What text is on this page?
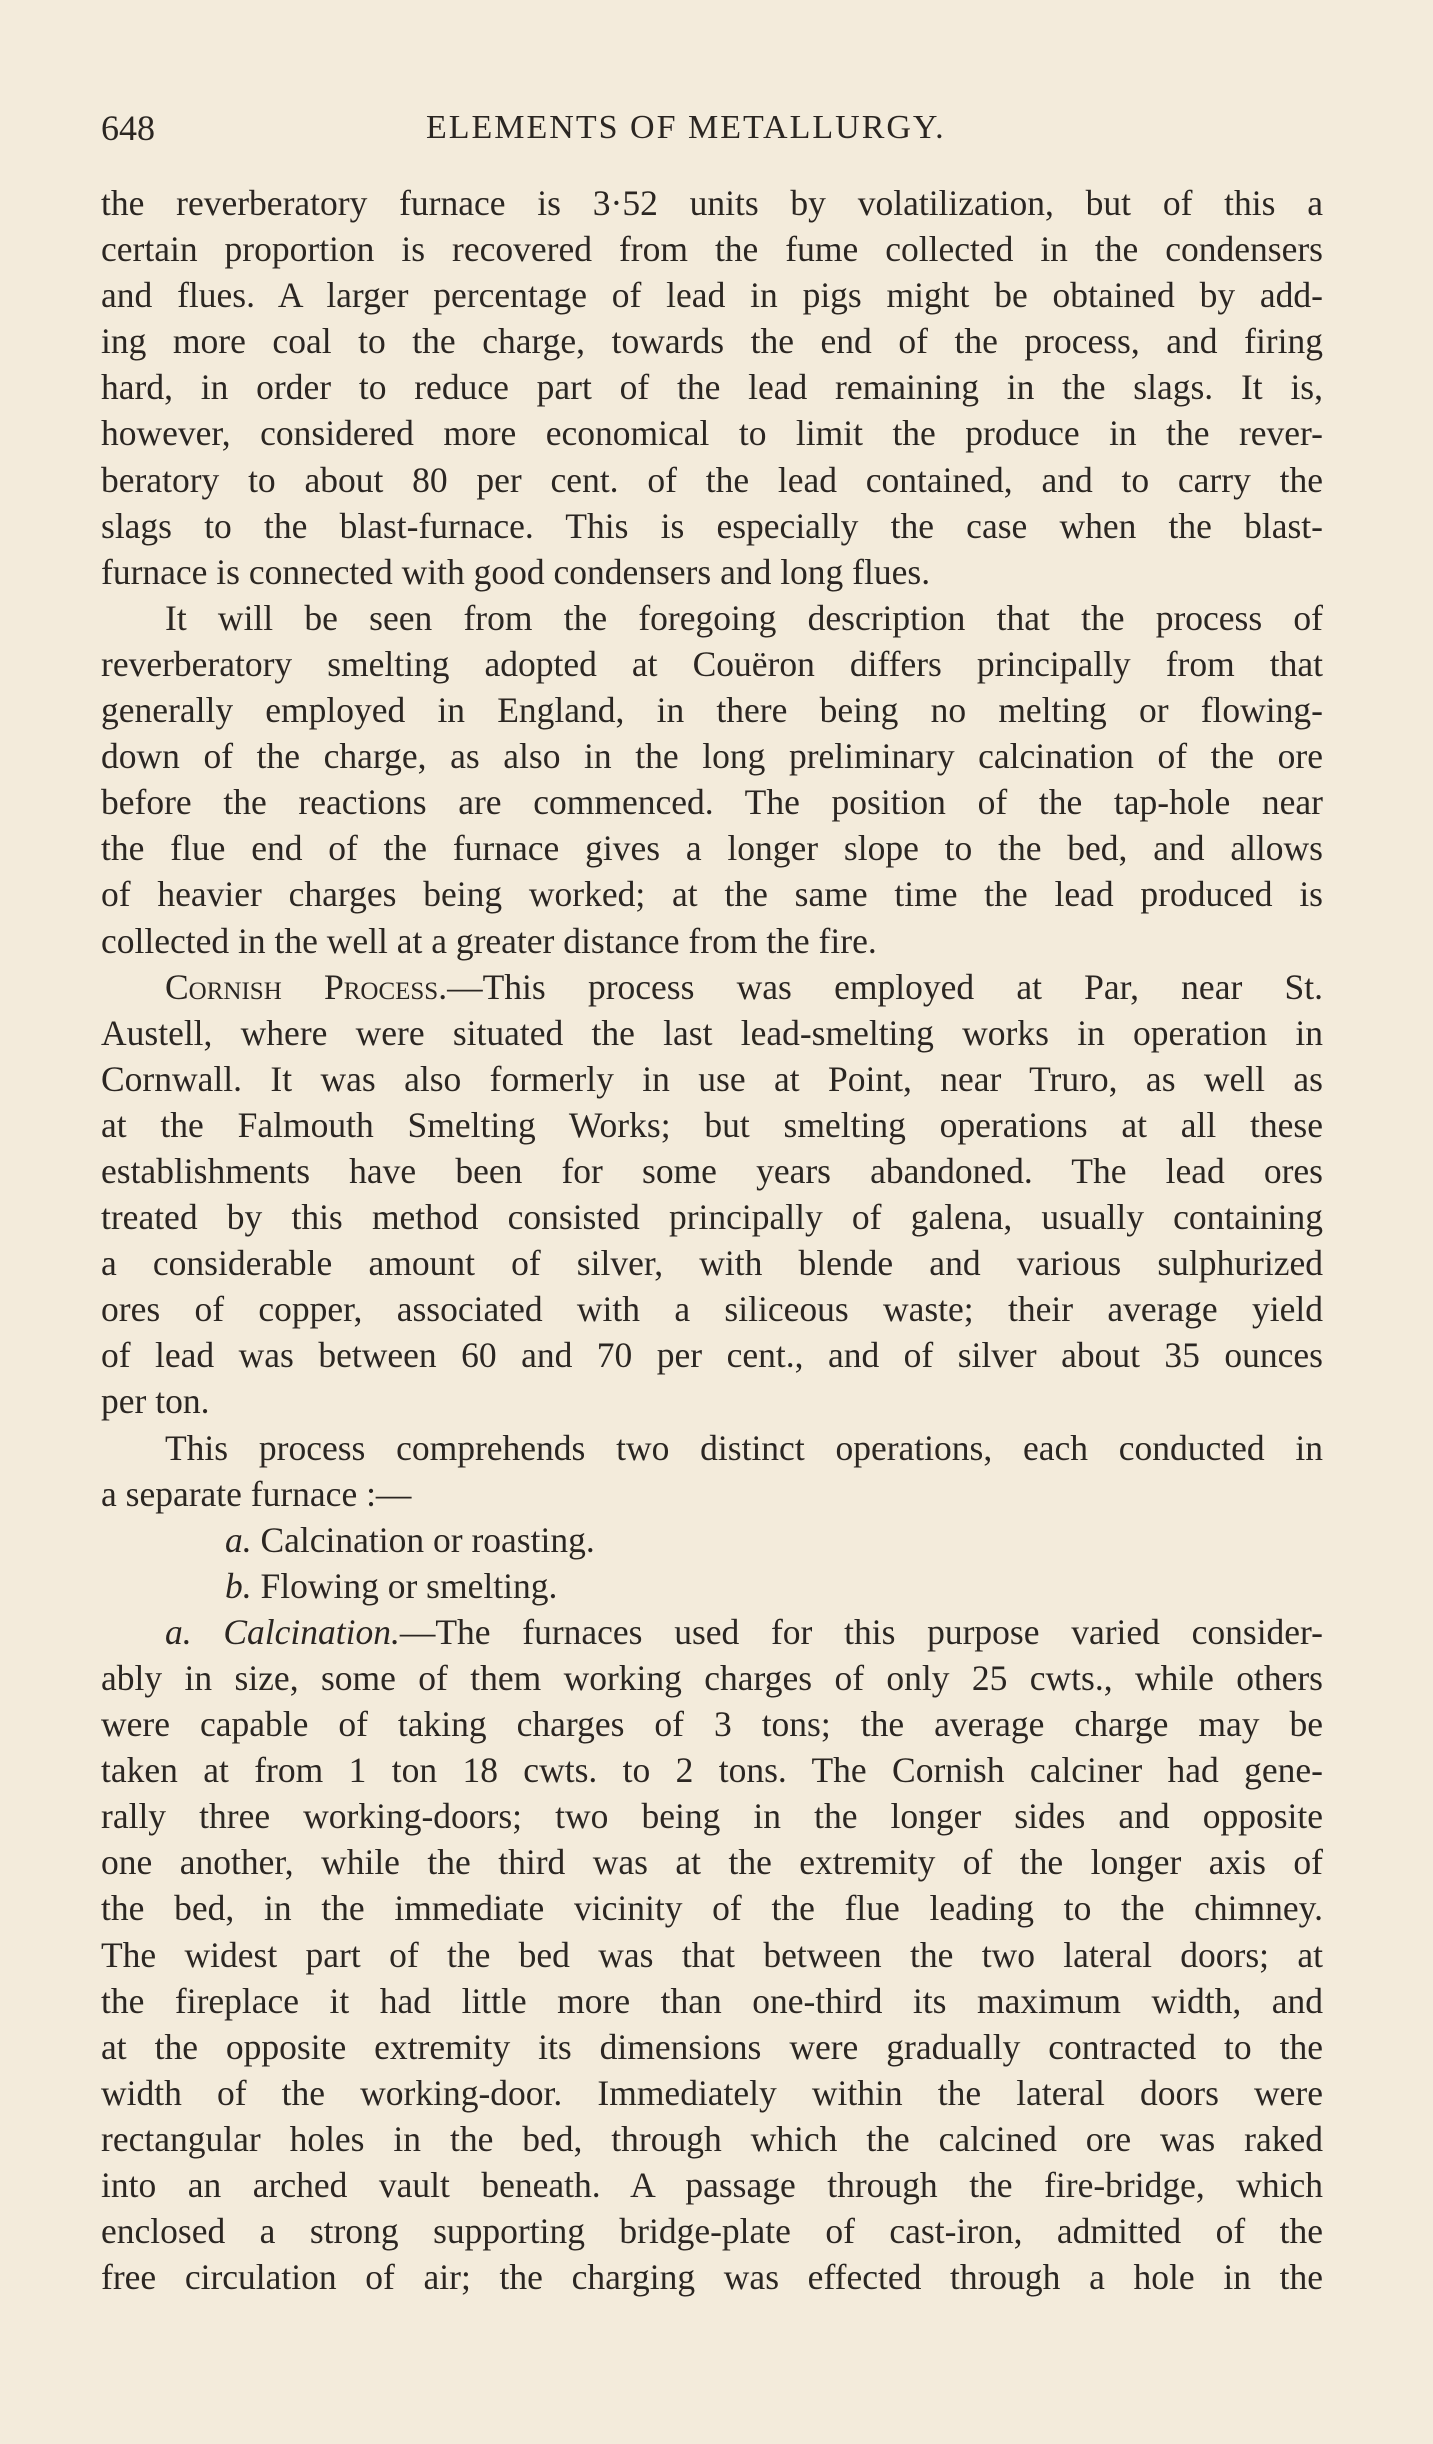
648	ELEMENTS OF METALLURGY.
the reverberatory furnace is 3·52 units by volatilization, but of this a
certain proportion is recovered from the fume collected in the condensers
and flues. A larger percentage of lead in pigs might be obtained by add-
ing more coal to the charge, towards the end of the process, and firing
hard, in order to reduce part of the lead remaining in the slags. It is,
however, considered more economical to limit the produce in the rever-
beratory to about 80 per cent. of the lead contained, and to carry the
slags to the blast-furnace. This is especially the case when the blast-
furnace is connected with good condensers and long flues.
It will be seen from the foregoing description that the process of
reverberatory smelting adopted at Couëron differs principally from that
generally employed in England, in there being no melting or flowing-
down of the charge, as also in the long preliminary calcination of the ore
before the reactions are commenced. The position of the tap-hole near
the flue end of the furnace gives a longer slope to the bed, and allows
of heavier charges being worked; at the same time the lead produced is
collected in the well at a greater distance from the fire.
Cornish Process.—This process was employed at Par, near St.
Austell, where were situated the last lead-smelting works in operation in
Cornwall. It was also formerly in use at Point, near Truro, as well as
at the Falmouth Smelting Works; but smelting operations at all these
establishments have been for some years abandoned. The lead ores
treated by this method consisted principally of galena, usually containing
a considerable amount of silver, with blende and various sulphurized
ores of copper, associated with a siliceous waste; their average yield
of lead was between 60 and 70 per cent., and of silver about 35 ounces
per ton.
This process comprehends two distinct operations, each conducted in
a separate furnace :—
a. Calcination or roasting.
b. Flowing or smelting.
a. Calcination.—The furnaces used for this purpose varied consider-
ably in size, some of them working charges of only 25 cwts., while others
were capable of taking charges of 3 tons; the average charge may be
taken at from 1 ton 18 cwts. to 2 tons. The Cornish calciner had gene-
rally three working-doors; two being in the longer sides and opposite
one another, while the third was at the extremity of the longer axis of
the bed, in the immediate vicinity of the flue leading to the chimney.
The widest part of the bed was that between the two lateral doors; at
the fireplace it had little more than one-third its maximum width, and
at the opposite extremity its dimensions were gradually contracted to the
width of the working-door. Immediately within the lateral doors were
rectangular holes in the bed, through which the calcined ore was raked
into an arched vault beneath. A passage through the fire-bridge, which
enclosed a strong supporting bridge-plate of cast-iron, admitted of the
free circulation of air; the charging was effected through a hole in the
